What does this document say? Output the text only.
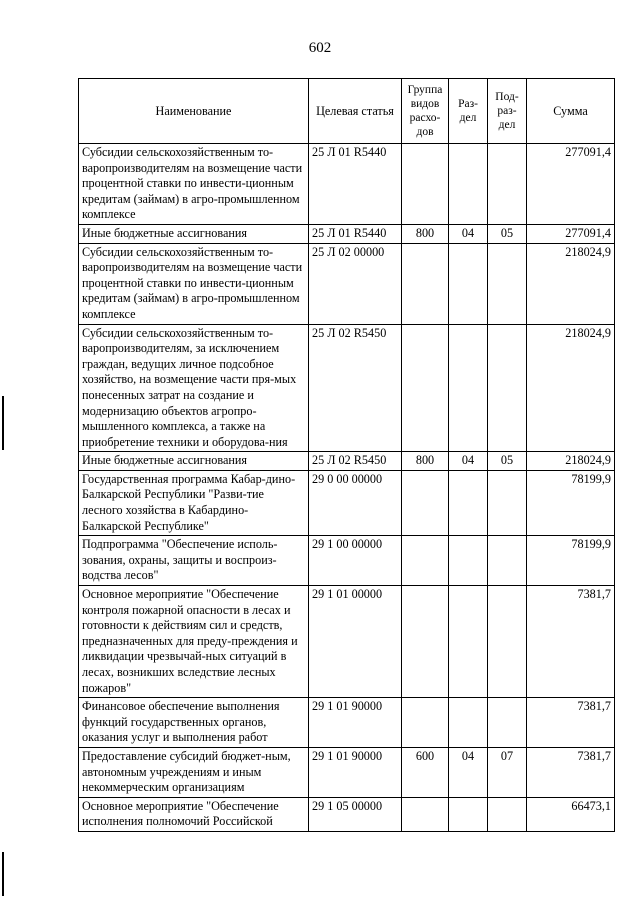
602
Наименование	Целевая статья	Группа видов расхо-дов	Раз-дел	Под-раз-дел	Сумма
Субсидии сельскохозяйственным то-варопроизводителям на возмещение части процентной ставки по инвести-ционным кредитам (займам) в агро-промышленном комплексе	25 Л 01 R5440				277091,4
Иные бюджетные ассигнования	25 Л 01 R5440	800	04	05	277091,4
Субсидии сельскохозяйственным то-варопроизводителям на возмещение части процентной ставки по инвести-ционным кредитам (займам) в агро-промышленном комплексе	25 Л 02 00000				218024,9
Субсидии сельскохозяйственным то-варопроизводителям, за исключением граждан, ведущих личное подсобное хозяйство, на возмещение части пря-мых понесенных затрат на создание и модернизацию объектов агропро-мышленного комплекса, а также на приобретение техники и оборудова-ния	25 Л 02 R5450				218024,9
Иные бюджетные ассигнования	25 Л 02 R5450	800	04	05	218024,9
Государственная программа Кабар-дино-Балкарской Республики "Разви-тие лесного хозяйства в Кабардино-Балкарской Республике"	29 0 00 00000				78199,9
Подпрограмма "Обеспечение исполь-зования, охраны, защиты и воспроиз-водства лесов"	29 1 00 00000				78199,9
Основное мероприятие "Обеспечение контроля пожарной опасности в лесах и готовности к действиям сил и средств, предназначенных для преду-преждения и ликвидации чрезвычай-ных ситуаций в лесах, возникших вследствие лесных пожаров"	29 1 01 00000				7381,7
Финансовое обеспечение выполнения функций государственных органов, оказания услуг и выполнения работ	29 1 01 90000				7381,7
Предоставление субсидий бюджет-ным, автономным учреждениям и иным некоммерческим организациям	29 1 01 90000	600	04	07	7381,7
Основное мероприятие "Обеспечение исполнения полномочий Российской	29 1 05 00000				66473,1
